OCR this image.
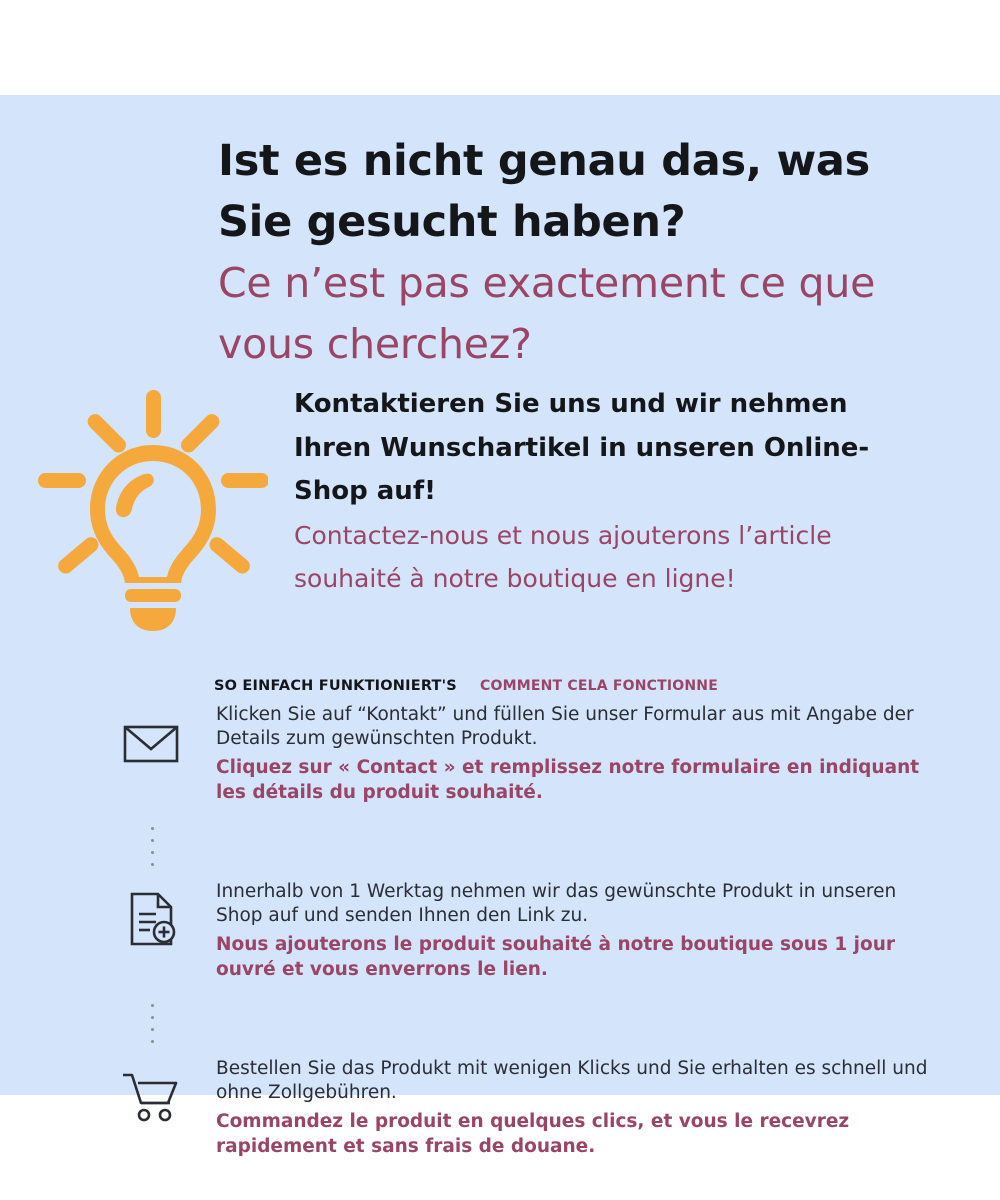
Ist es nicht genau das, was Sie gesucht haben?

Ce n’est pas exactement ce que vous cherchez?

Kontaktieren Sie uns und wir nehmen Ihren Wunschartikel in unseren Online-Shop auf!

Contactez-nous et nous ajouterons l’article souhaité à notre boutique en ligne!

SO EINFACH FUNKTIONIERT'S COMMENT CELA FONCTIONNE

Klicken Sie auf “Kontakt” und füllen Sie unser Formular aus mit Angabe der Details zum gewünschten Produkt.

Cliquez sur « Contact » et remplissez notre formulaire en indiquant les détails du produit souhaité.

Innerhalb von 1 Werktag nehmen wir das gewünschte Produkt in unseren Shop auf und senden Ihnen den Link zu.

Nous ajouterons le produit souhaité à notre boutique sous 1 jour ouvré et vous enverrons le lien.

Bestellen Sie das Produkt mit wenigen Klicks und Sie erhalten es schnell und ohne Zollgebühren.

Commandez le produit en quelques clics, et vous le recevrez rapidement et sans frais de douane.
